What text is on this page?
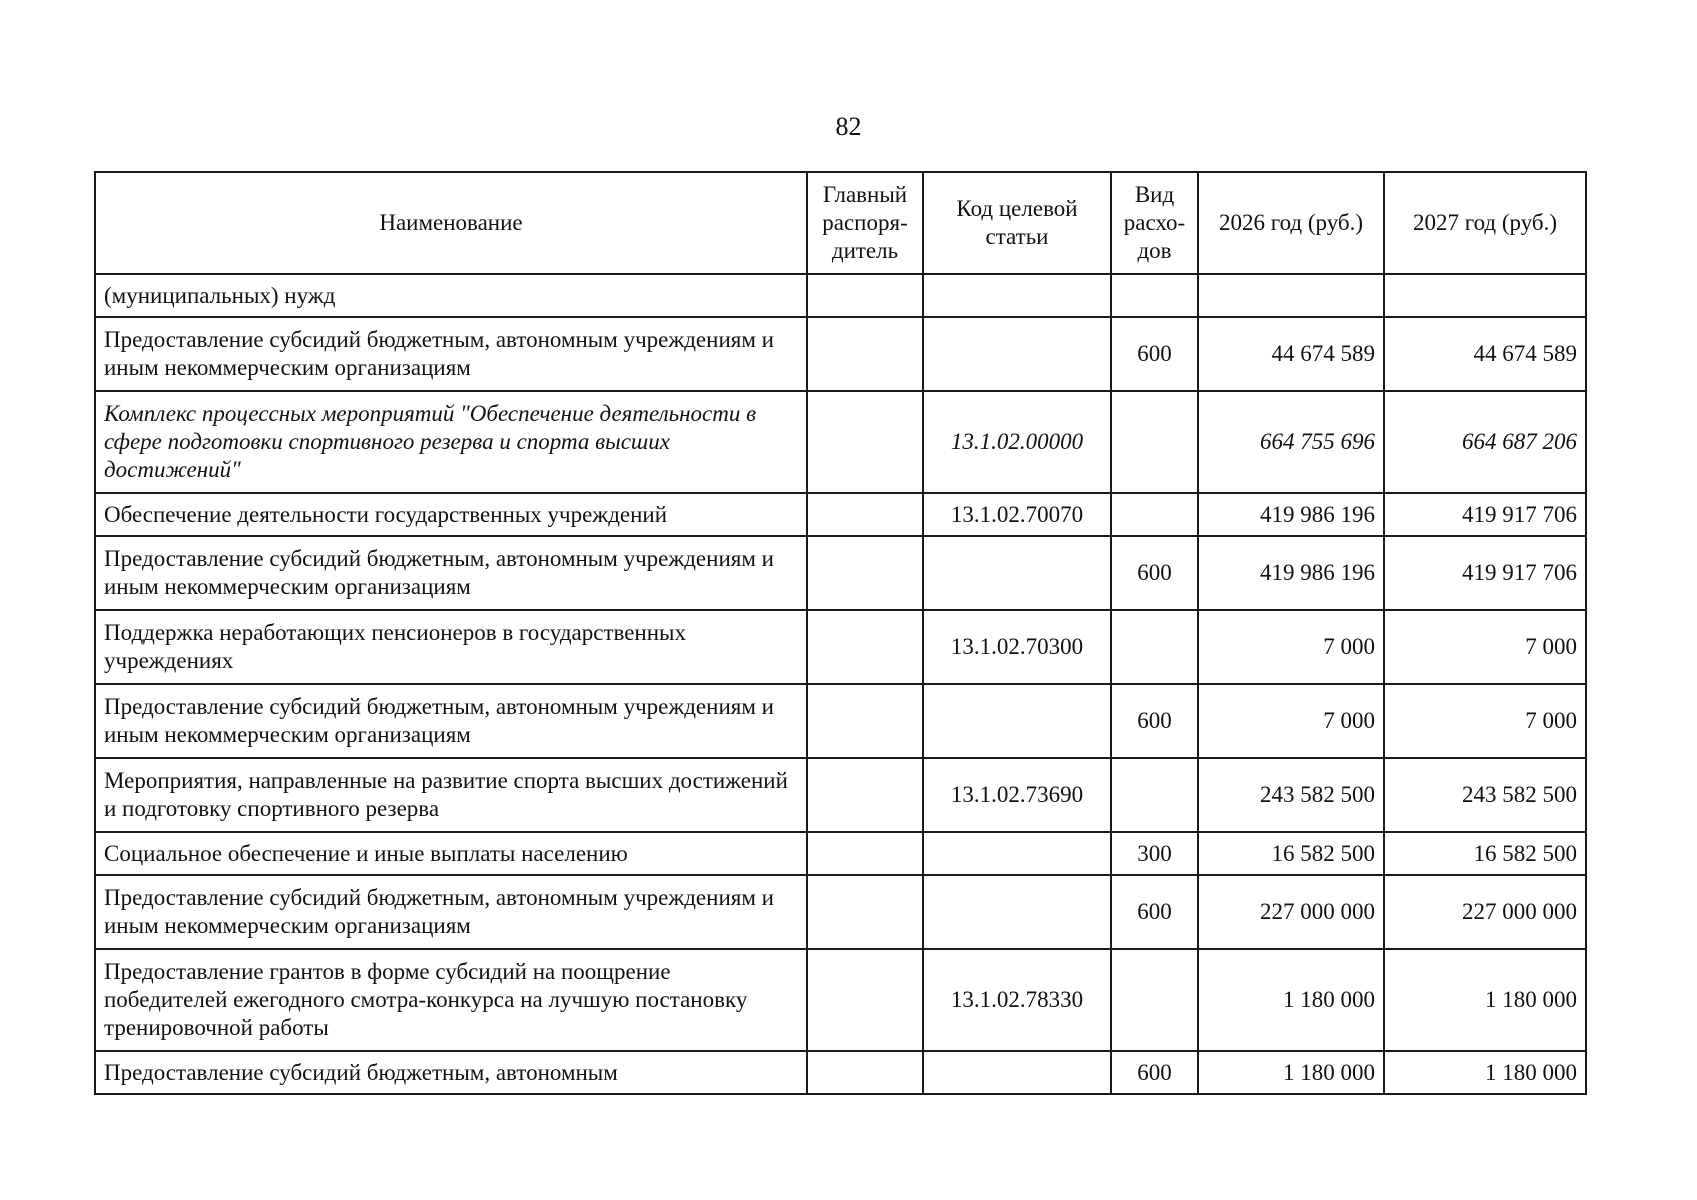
82
Наименование	Главный распоря-дитель	Код целевой статьи	Вид расхо-дов	2026 год (руб.)	2027 год (руб.)
(муниципальных) нужд					
Предоставление субсидий бюджетным, автономным учреждениям и иным некоммерческим организациям			600	44 674 589	44 674 589
Комплекс процессных мероприятий "Обеспечение деятельности в сфере подготовки спортивного резерва и спорта высших достижений"		13.1.02.00000		664 755 696	664 687 206
Обеспечение деятельности государственных учреждений		13.1.02.70070		419 986 196	419 917 706
Предоставление субсидий бюджетным, автономным учреждениям и иным некоммерческим организациям			600	419 986 196	419 917 706
Поддержка неработающих пенсионеров в государственных учреждениях		13.1.02.70300		7 000	7 000
Предоставление субсидий бюджетным, автономным учреждениям и иным некоммерческим организациям			600	7 000	7 000
Мероприятия, направленные на развитие спорта высших достижений и подготовку спортивного резерва		13.1.02.73690		243 582 500	243 582 500
Социальное обеспечение и иные выплаты населению			300	16 582 500	16 582 500
Предоставление субсидий бюджетным, автономным учреждениям и иным некоммерческим организациям			600	227 000 000	227 000 000
Предоставление грантов в форме субсидий на поощрение победителей ежегодного смотра-конкурса на лучшую постановку тренировочной работы		13.1.02.78330		1 180 000	1 180 000
Предоставление субсидий бюджетным, автономным			600	1 180 000	1 180 000
